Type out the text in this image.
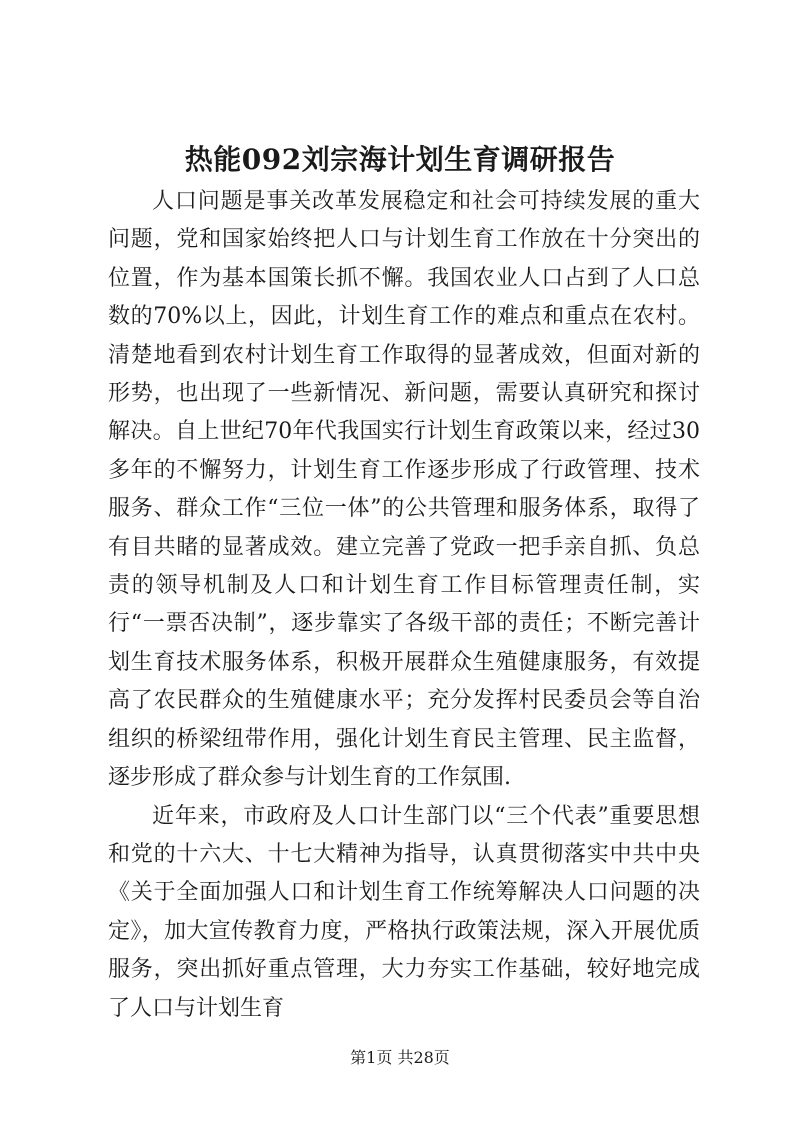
热能092刘宗海计划生育调研报告

人口问题是事关改革发展稳定和社会可持续发展的重大问题，党和国家始终把人口与计划生育工作放在十分突出的位置，作为基本国策长抓不懈。我国农业人口占到了人口总数的70%以上，因此，计划生育工作的难点和重点在农村。清楚地看到农村计划生育工作取得的显著成效，但面对新的形势，也出现了一些新情况、新问题，需要认真研究和探讨解决。自上世纪70年代我国实行计划生育政策以来，经过30多年的不懈努力，计划生育工作逐步形成了行政管理、技术服务、群众工作“三位一体”的公共管理和服务体系，取得了有目共睹的显著成效。建立完善了党政一把手亲自抓、负总责的领导机制及人口和计划生育工作目标管理责任制，实行“一票否决制”，逐步靠实了各级干部的责任；不断完善计划生育技术服务体系，积极开展群众生殖健康服务，有效提高了农民群众的生殖健康水平；充分发挥村民委员会等自治组织的桥梁纽带作用，强化计划生育民主管理、民主监督，逐步形成了群众参与计划生育的工作氛围.

近年来，市政府及人口计生部门以“三个代表”重要思想和党的十六大、十七大精神为指导，认真贯彻落实中共中央《关于全面加强人口和计划生育工作统筹解决人口问题的决定》，加大宣传教育力度，严格执行政策法规，深入开展优质服务，突出抓好重点管理，大力夯实工作基础，较好地完成了人口与计划生育

第1页 共28页
